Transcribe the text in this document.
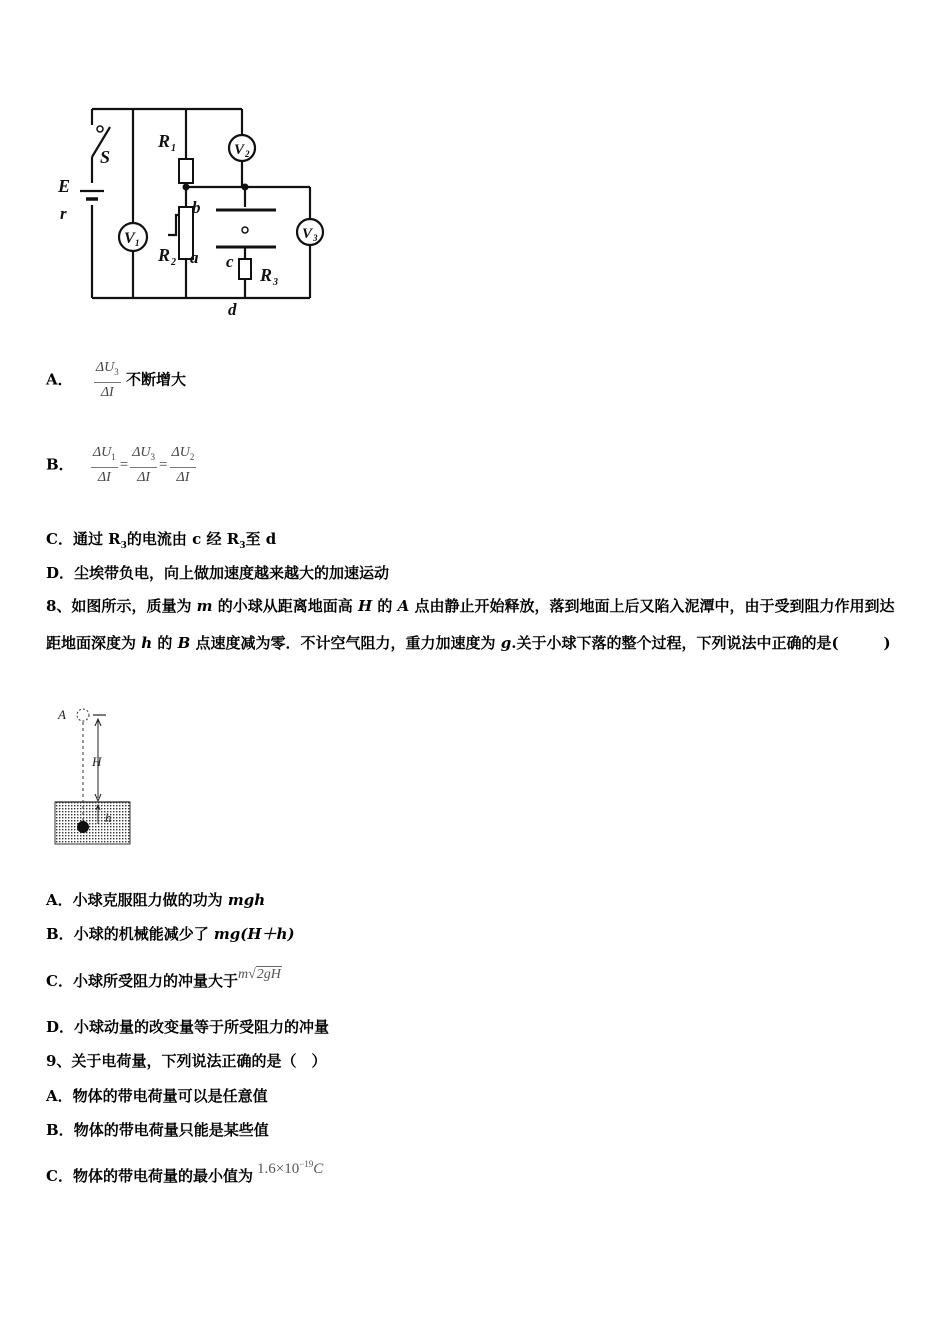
V 1
V 2
V 3
S
E
r
R 1
R 2
R 3
b
a c
d
A． $\frac{\Delta U_3}{\Delta I}$ 不断增大
B． $\frac{\Delta U_1}{\Delta I} = \frac{\Delta U_3}{\Delta I} = \frac{\Delta U_2}{\Delta I}$
C．通过 $R_3$的电流由 c 经 $R_3$至 d
D．尘埃带负电，向上做加速度越来越大的加速运动
8、如图所示，质量为 m 的小球从距离地面高 H 的 A 点由静止开始释放，落到地面上后又陷入泥潭中，由于受到阻力作用到达距地面深度为 h 的 B 点速度减为零．不计空气阻力，重力加速度为 g.关于小球下落的整个过程，下列说法中正确的是(　　　)
A
H
h
A．小球克服阻力做的功为 mgh
B．小球的机械能减少了 mg(H＋h)
C．小球所受阻力的冲量大于m√2gH
D．小球动量的改变量等于所受阻力的冲量
9、关于电荷量，下列说法正确的是（　）
A．物体的带电荷量可以是任意值
B．物体的带电荷量只能是某些值
C．物体的带电荷量的最小值为 $1.6\times 10^{-19}C$
